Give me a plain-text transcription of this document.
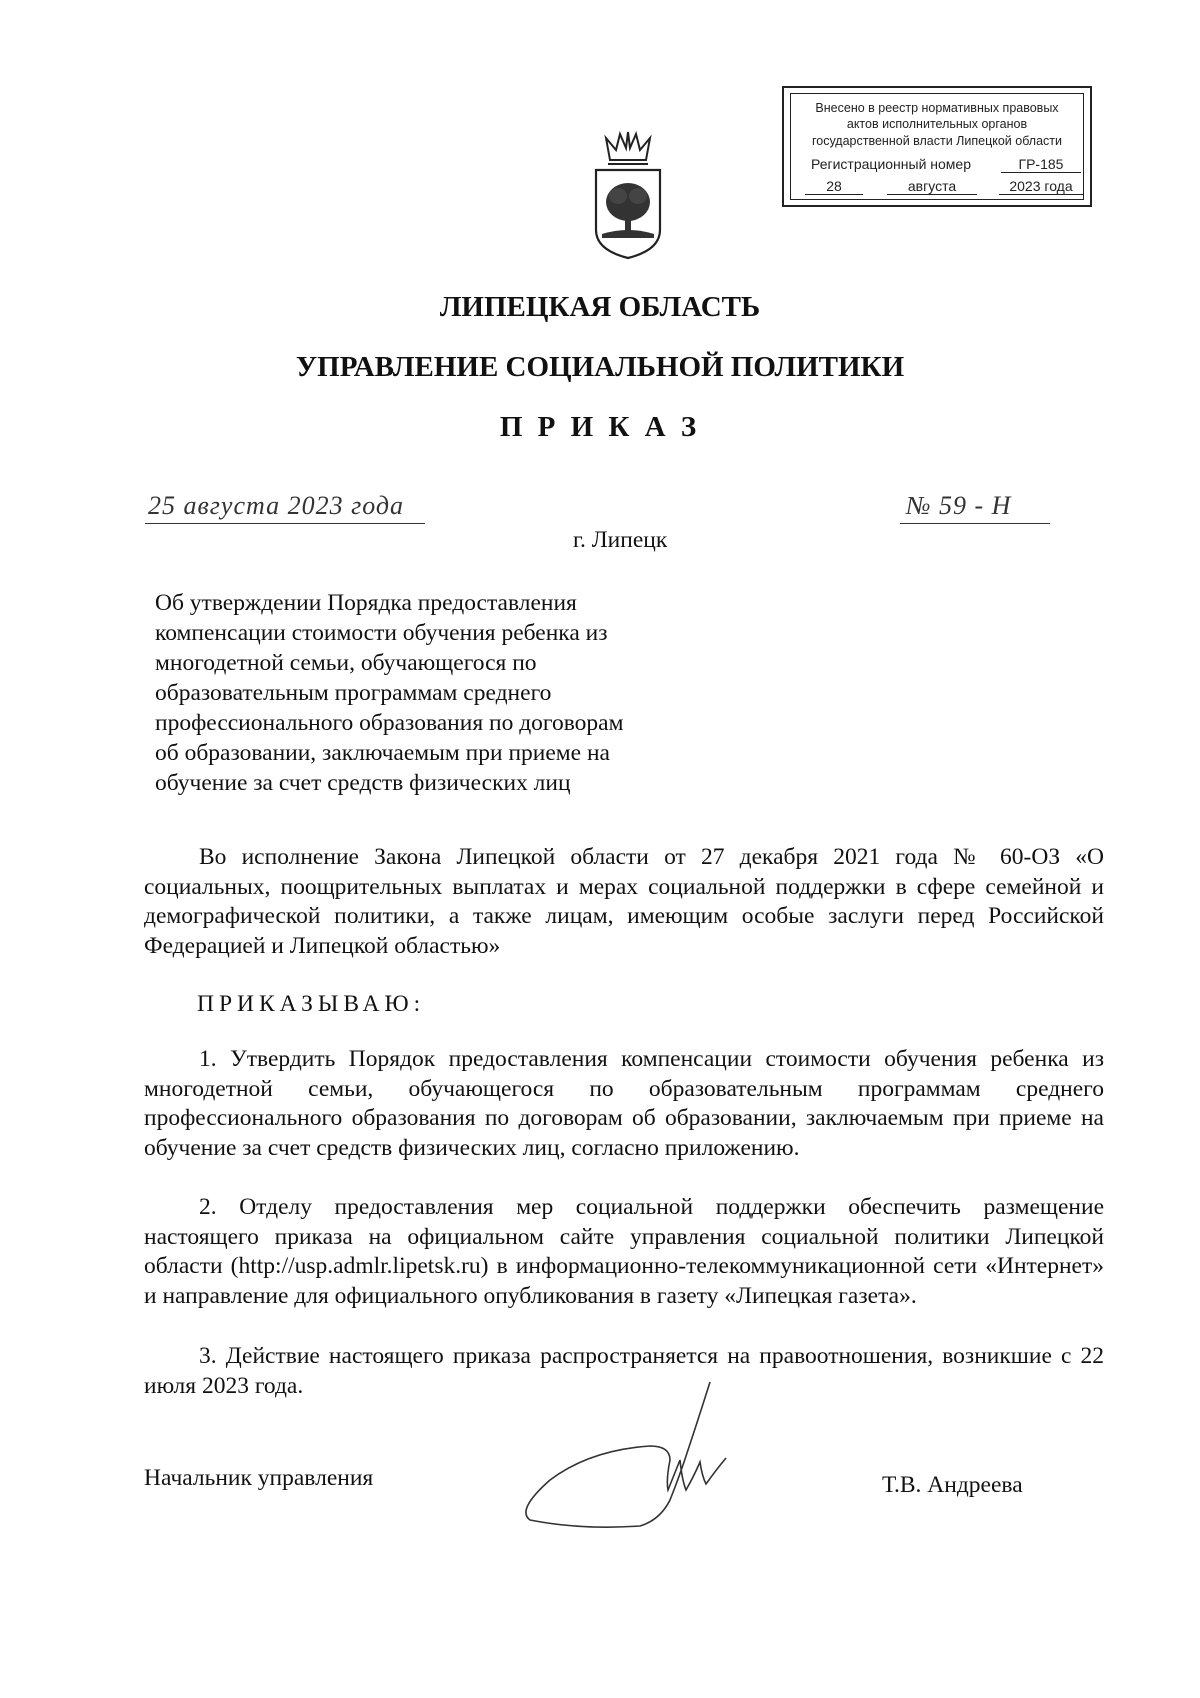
Внесено в реестр нормативных правовых
актов исполнительных органов
государственной власти Липецкой области
Регистрационный номер	ГР-185
28	августа	2023 года
ЛИПЕЦКАЯ ОБЛАСТЬ
УПРАВЛЕНИЕ СОЦИАЛЬНОЙ ПОЛИТИКИ
П Р И К А З
25 августа 2023 года	№ 59 - Н
г. Липецк
Об утверждении Порядка предоставления
компенсации стоимости обучения ребенка из
многодетной семьи, обучающегося по
образовательным программам среднего
профессионального образования по договорам
об образовании, заключаемым при приеме на
обучение за счет средств физических лиц
Во исполнение Закона Липецкой области от 27 декабря 2021 года № 60-ОЗ «О социальных, поощрительных выплатах и мерах социальной поддержки в сфере семейной и демографической политики, а также лицам, имеющим особые заслуги перед Российской Федерацией и Липецкой областью»
ПРИКАЗЫВАЮ:
1. Утвердить Порядок предоставления компенсации стоимости обучения ребенка из многодетной семьи, обучающегося по образовательным программам среднего профессионального образования по договорам об образовании, заключаемым при приеме на обучение за счет средств физических лиц, согласно приложению.
2. Отделу предоставления мер социальной поддержки обеспечить размещение настоящего приказа на официальном сайте управления социальной политики Липецкой области (http://usp.admlr.lipetsk.ru) в информационно-телекоммуникационной сети «Интернет» и направление для официального опубликования в газету «Липецкая газета».
3. Действие настоящего приказа распространяется на правоотношения, возникшие с 22 июля 2023 года.
Начальник управления	Т.В. Андреева
